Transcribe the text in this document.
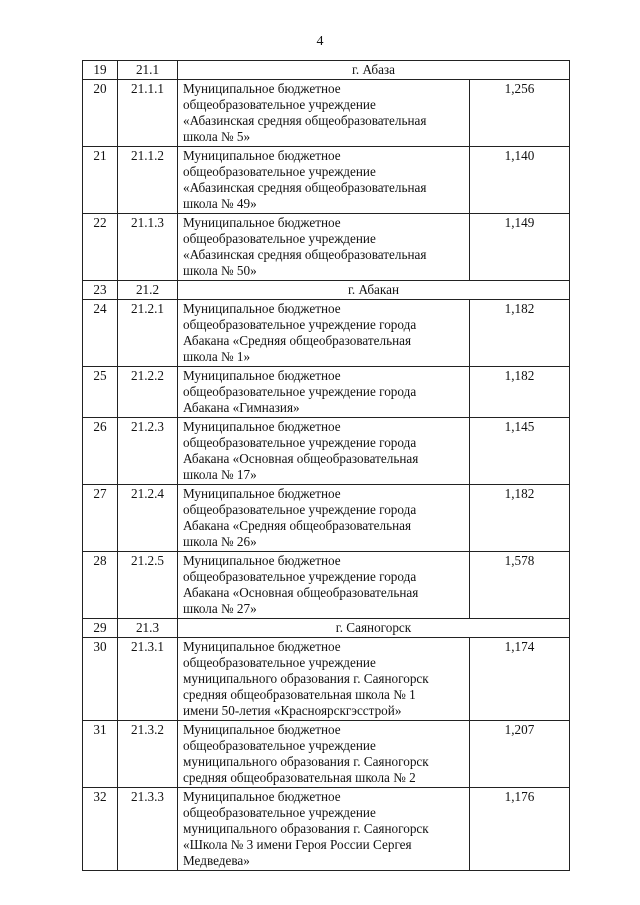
4
19	21.1	г. Абаза	
20	21.1.1	Муниципальное бюджетное
общеобразовательное учреждение
«Абазинская средняя общеобразовательная
школа № 5»	1,256
21	21.1.2	Муниципальное бюджетное
общеобразовательное учреждение
«Абазинская средняя общеобразовательная
школа № 49»	1,140
22	21.1.3	Муниципальное бюджетное
общеобразовательное учреждение
«Абазинская средняя общеобразовательная
школа № 50»	1,149
23	21.2	г. Абакан	
24	21.2.1	Муниципальное бюджетное
общеобразовательное учреждение города
Абакана «Средняя общеобразовательная
школа № 1»	1,182
25	21.2.2	Муниципальное бюджетное
общеобразовательное учреждение города
Абакана «Гимназия»	1,182
26	21.2.3	Муниципальное бюджетное
общеобразовательное учреждение города
Абакана «Основная общеобразовательная
школа № 17»	1,145
27	21.2.4	Муниципальное бюджетное
общеобразовательное учреждение города
Абакана «Средняя общеобразовательная
школа № 26»	1,182
28	21.2.5	Муниципальное бюджетное
общеобразовательное учреждение города
Абакана «Основная общеобразовательная
школа № 27»	1,578
29	21.3	г. Саяногорск	
30	21.3.1	Муниципальное бюджетное
общеобразовательное учреждение
муниципального образования г. Саяногорск
средняя общеобразовательная школа № 1
имени 50-летия «Красноярскгэсстрой»	1,174
31	21.3.2	Муниципальное бюджетное
общеобразовательное учреждение
муниципального образования г. Саяногорск
средняя общеобразовательная школа № 2	1,207
32	21.3.3	Муниципальное бюджетное
общеобразовательное учреждение
муниципального образования г. Саяногорск
«Школа № 3 имени Героя России Сергея
Медведева»	1,176
